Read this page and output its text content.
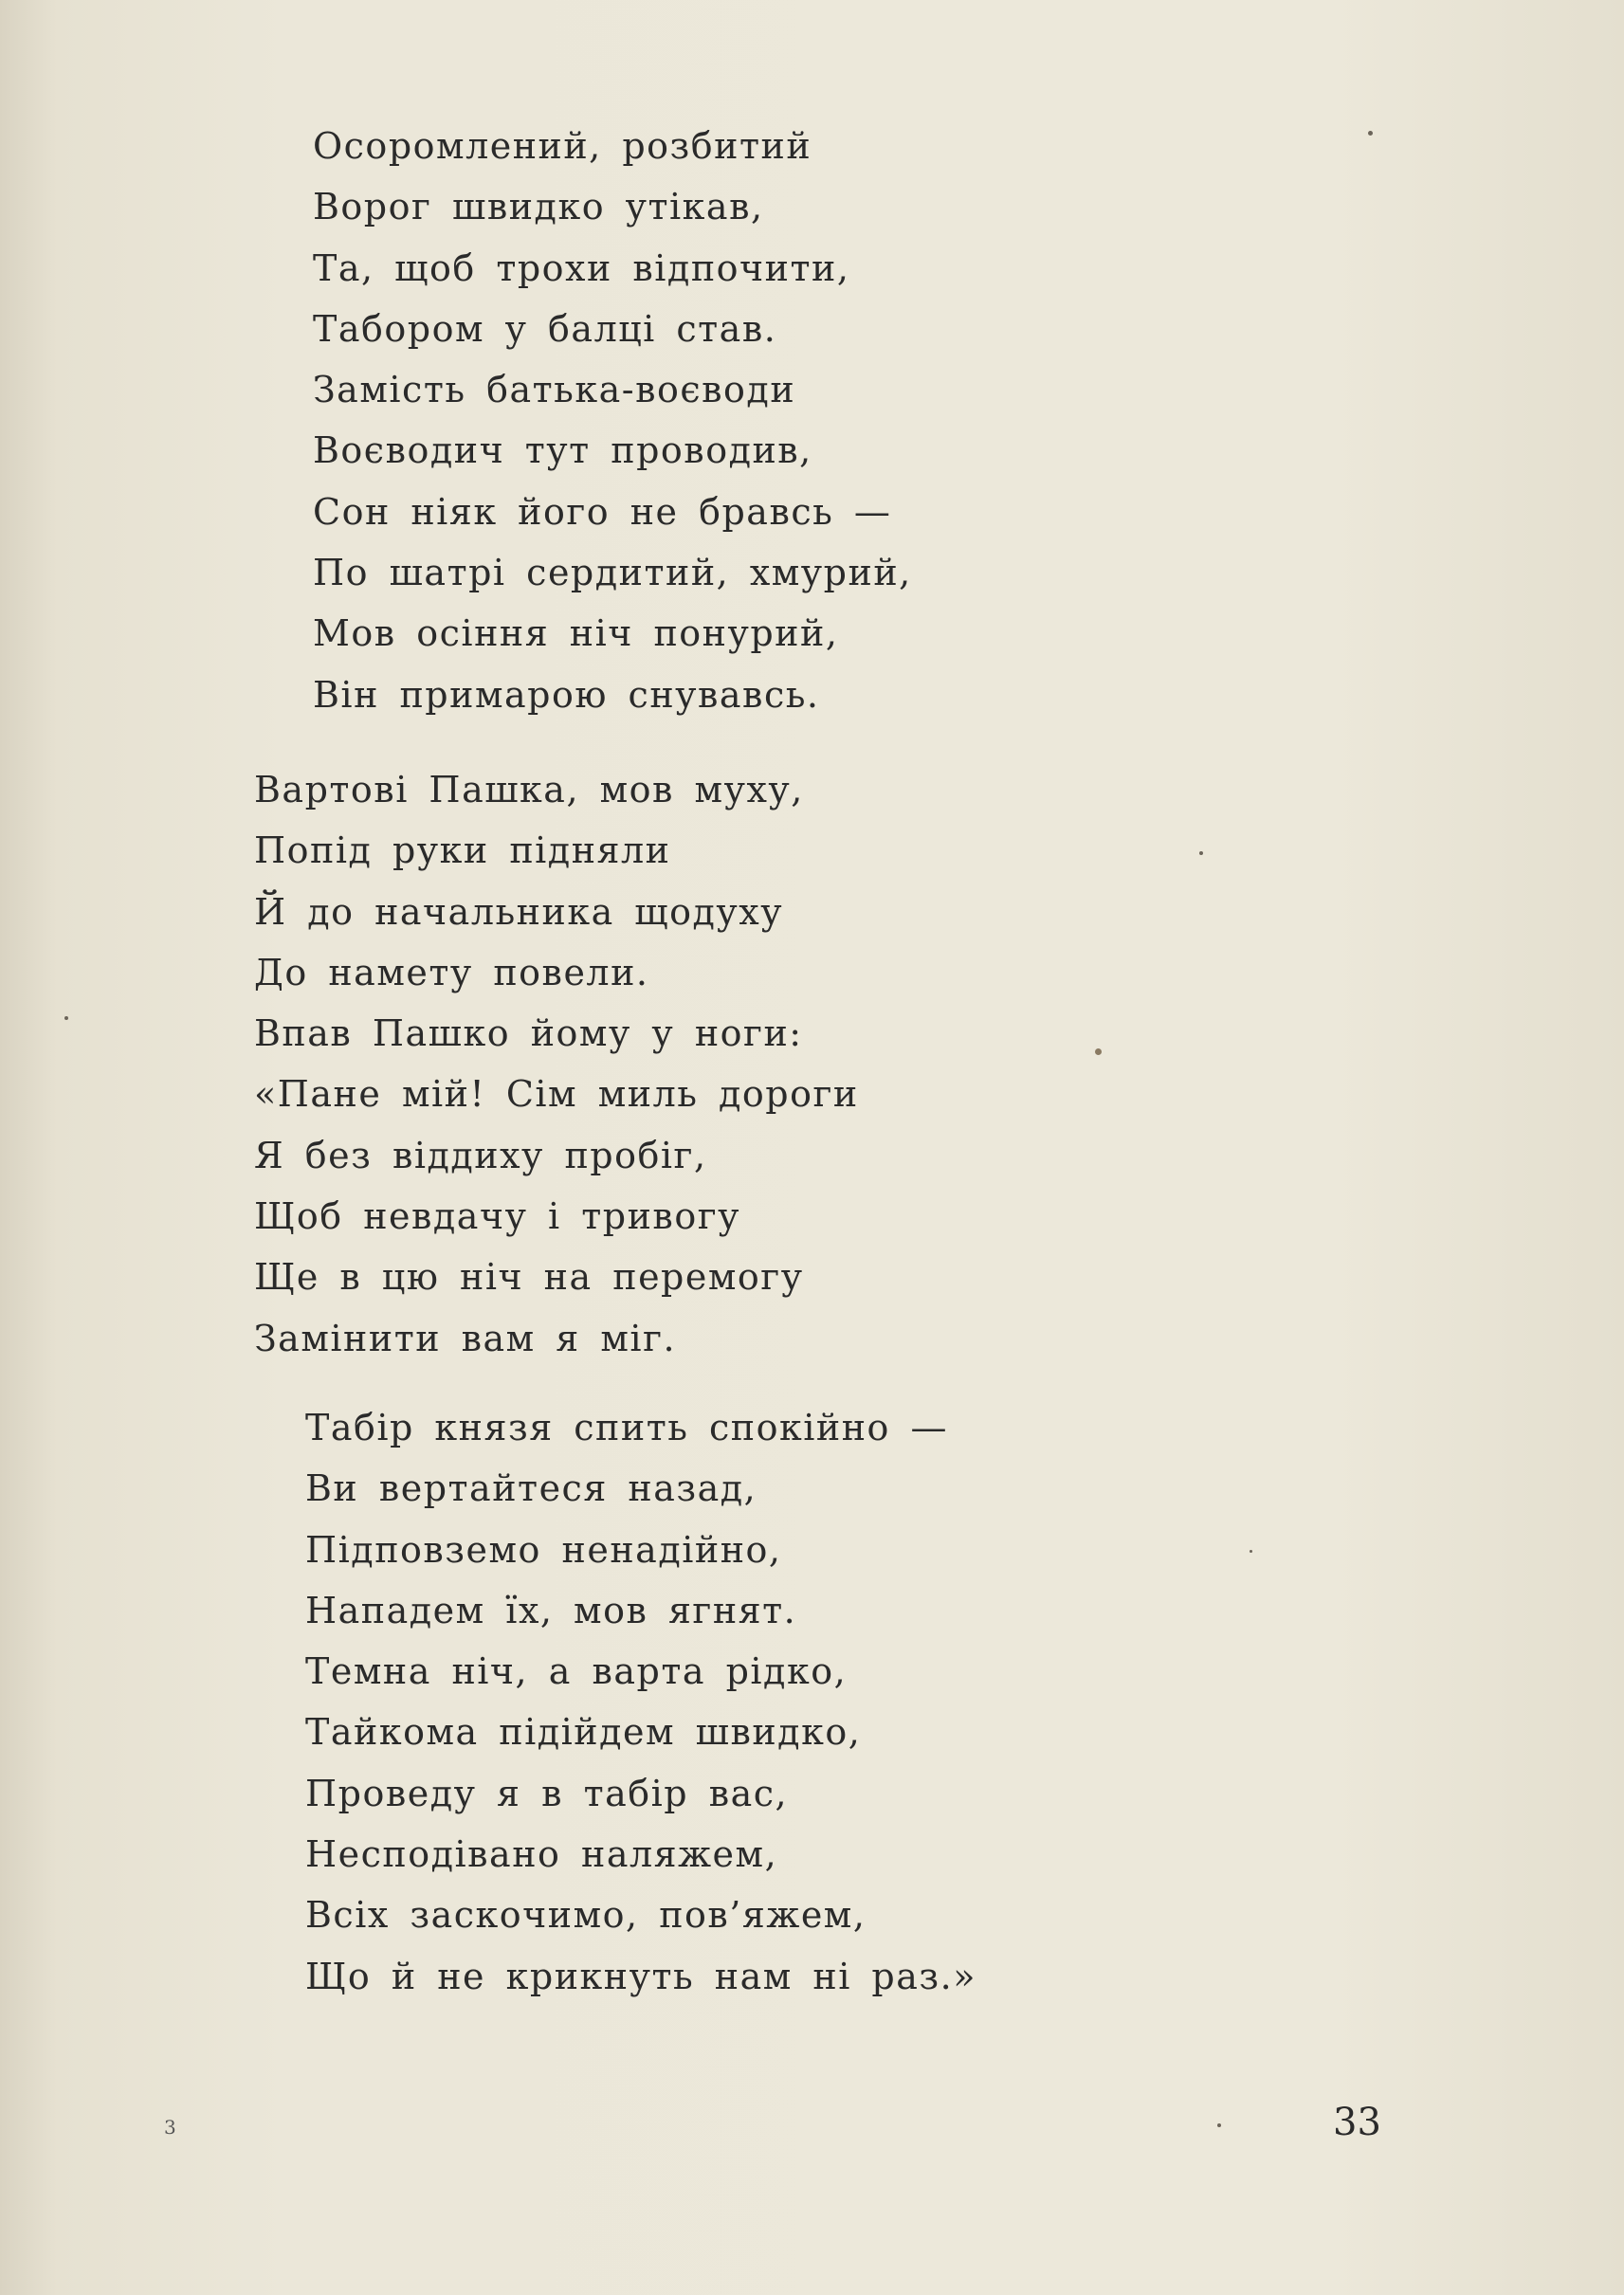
Осоромлений, розбитий
Ворог швидко утікав,
Та, щоб трохи відпочити,
Табором у балці став.
Замість батька-воєводи
Воєводич тут проводив,
Сон ніяк його не бравсь —
По шатрі сердитий, хмурий,
Мов осіння ніч понурий,
Він примарою снувавсь.
Вартові Пашка, мов муху,
Попід руки підняли
Й до начальника щодуху
До намету повели.
Впав Пашко йому у ноги:
«Пане мій! Сім миль дороги
Я без віддиху пробіг,
Щоб невдачу і тривогу
Ще в цю ніч на перемогу
Замінити вам я міг.
Табір князя спить спокійно —
Ви вертайтеся назад,
Підповземо ненадійно,
Нападем їх, мов ягнят.
Темна ніч, а варта рідко,
Тайкома підійдем швидко,
Проведу я в табір вас,
Несподівано наляжем,
Всіх заскочимо, пов’яжем,
Що й не крикнуть нам ні раз.»
3	33
